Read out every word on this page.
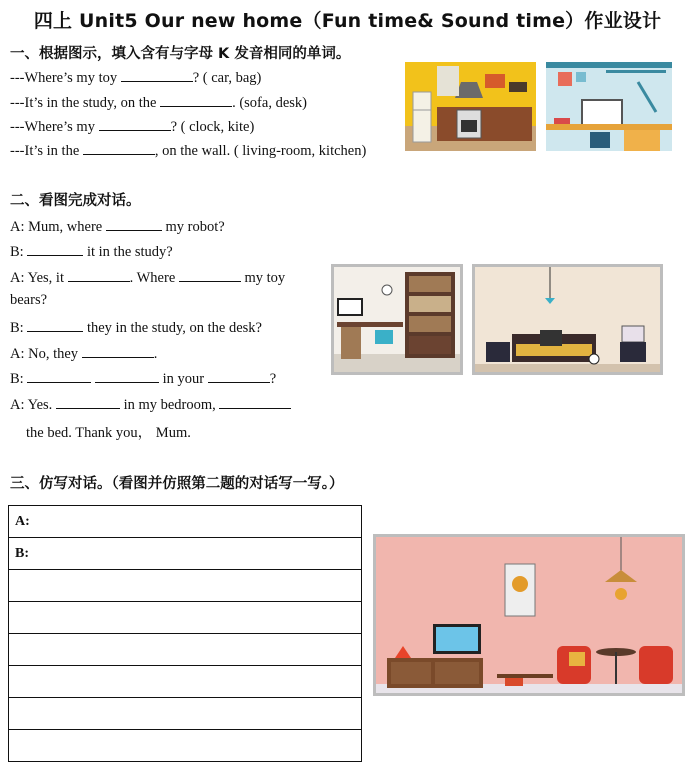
四上 Unit5 Our new home（Fun time& Sound time）作业设计
一、根据图示，填入含有与字母 K 发音相同的单词。
---Where’s my toy	? ( car, bag)
---It’s in the study, on the	. (sofa, desk)
---Where’s my	? ( clock, kite)
---It’s in the	, on the wall. ( living-room, kitchen)
二、看图完成对话。
A: Mum, where	my robot?
B:	it in the study?
A: Yes, it	. Where	my toy
bears?
B:	they in the study, on the desk?
A: No, they	.
B:	in your	?
A: Yes.	in my bedroom,
the bed. Thank you， Mum.
三、仿写对话。（看图并仿照第二题的对话写一写。）
A:
B:
